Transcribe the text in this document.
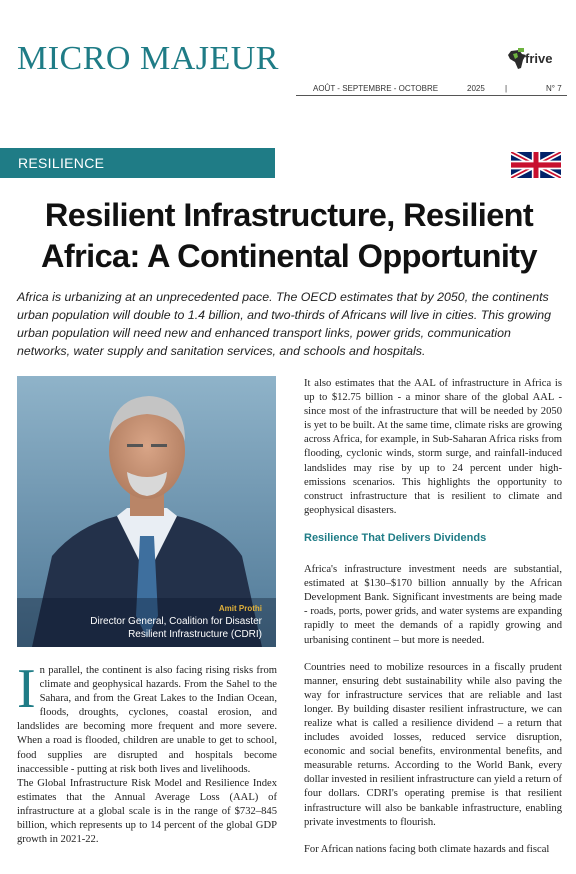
MICRO MAJEUR	frive
AOÛT - SEPTEMBRE - OCTOBRE	2025	|	N° 7
RESILIENCE
Resilient Infrastructure, Resilient Africa: A Continental Opportunity

Africa is urbanizing at an unprecedented pace. The OECD estimates that by 2050, the continents urban population will double to 1.4 billion, and two-thirds of Africans will live in cities. This growing urban population will need new and enhanced transport links, power grids, communication networks, water supply and sanitation services, and schools and hospitals.

Amit Prothi
Director General, Coalition for Disaster
Resilient Infrastructure (CDRI)

In parallel, the continent is also facing rising risks from climate and geophysical hazards. From the Sahel to the Sahara, and from the Great Lakes to the Indian Ocean, floods, droughts, cyclones, coastal erosion, and landslides are becoming more frequent and more severe. When a road is flooded, children are unable to get to school, food supplies are disrupted and hospitals become inaccessible - putting at risk both lives and livelihoods.

The Global Infrastructure Risk Model and Resilience Index estimates that the Annual Average Loss (AAL) of infrastructure at a global scale is in the range of $732–845 billion, which represents up to 14 percent of the global GDP growth in 2021-22.

It also estimates that the AAL of infrastructure in Africa is up to $12.75 billion - a minor share of the global AAL - since most of the infrastructure that will be needed by 2050 is yet to be built. At the same time, climate risks are growing across Africa, for example, in Sub-Saharan Africa risks from flooding, cyclonic winds, storm surge, and rainfall-induced landslides may rise by up to 24 percent under high-emissions scenarios. This highlights the opportunity to construct infrastructure that is resilient to climate and geophysical disasters.

Resilience That Delivers Dividends

Africa's infrastructure investment needs are substantial, estimated at $130–$170 billion annually by the African Development Bank. Significant investments are being made - roads, ports, power grids, and water systems are expanding rapidly to meet the demands of a rapidly growing and urbanising continent – but more is needed.

Countries need to mobilize resources in a fiscally prudent manner, ensuring debt sustainability while also paving the way for infrastructure services that are reliable and last longer. By building disaster resilient infrastructure, we can realize what is called a resilience dividend – a return that includes avoided losses, reduced service disruption, economic and social benefits, environmental benefits, and measurable returns. According to the World Bank, every dollar invested in resilient infrastructure can yield a return of four dollars. CDRI's operating premise is that resilient infrastructure will also be bankable infrastructure, enabling private investments to flourish.

For African nations facing both climate hazards and fiscal
